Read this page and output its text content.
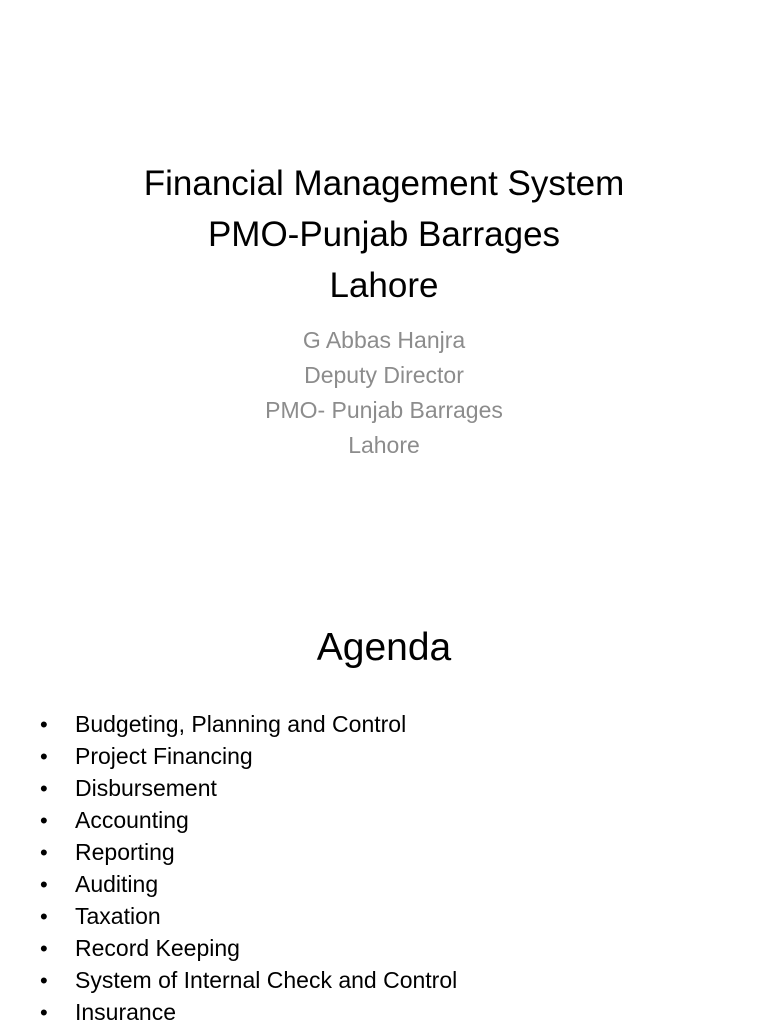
Financial Management System
PMO-Punjab Barrages
Lahore
G Abbas Hanjra
Deputy Director
PMO- Punjab Barrages
Lahore
Agenda
•	Budgeting, Planning and Control
•	Project Financing
•	Disbursement
•	Accounting
•	Reporting
•	Auditing
•	Taxation
•	Record Keeping
•	System of Internal Check and Control
•	Insurance
